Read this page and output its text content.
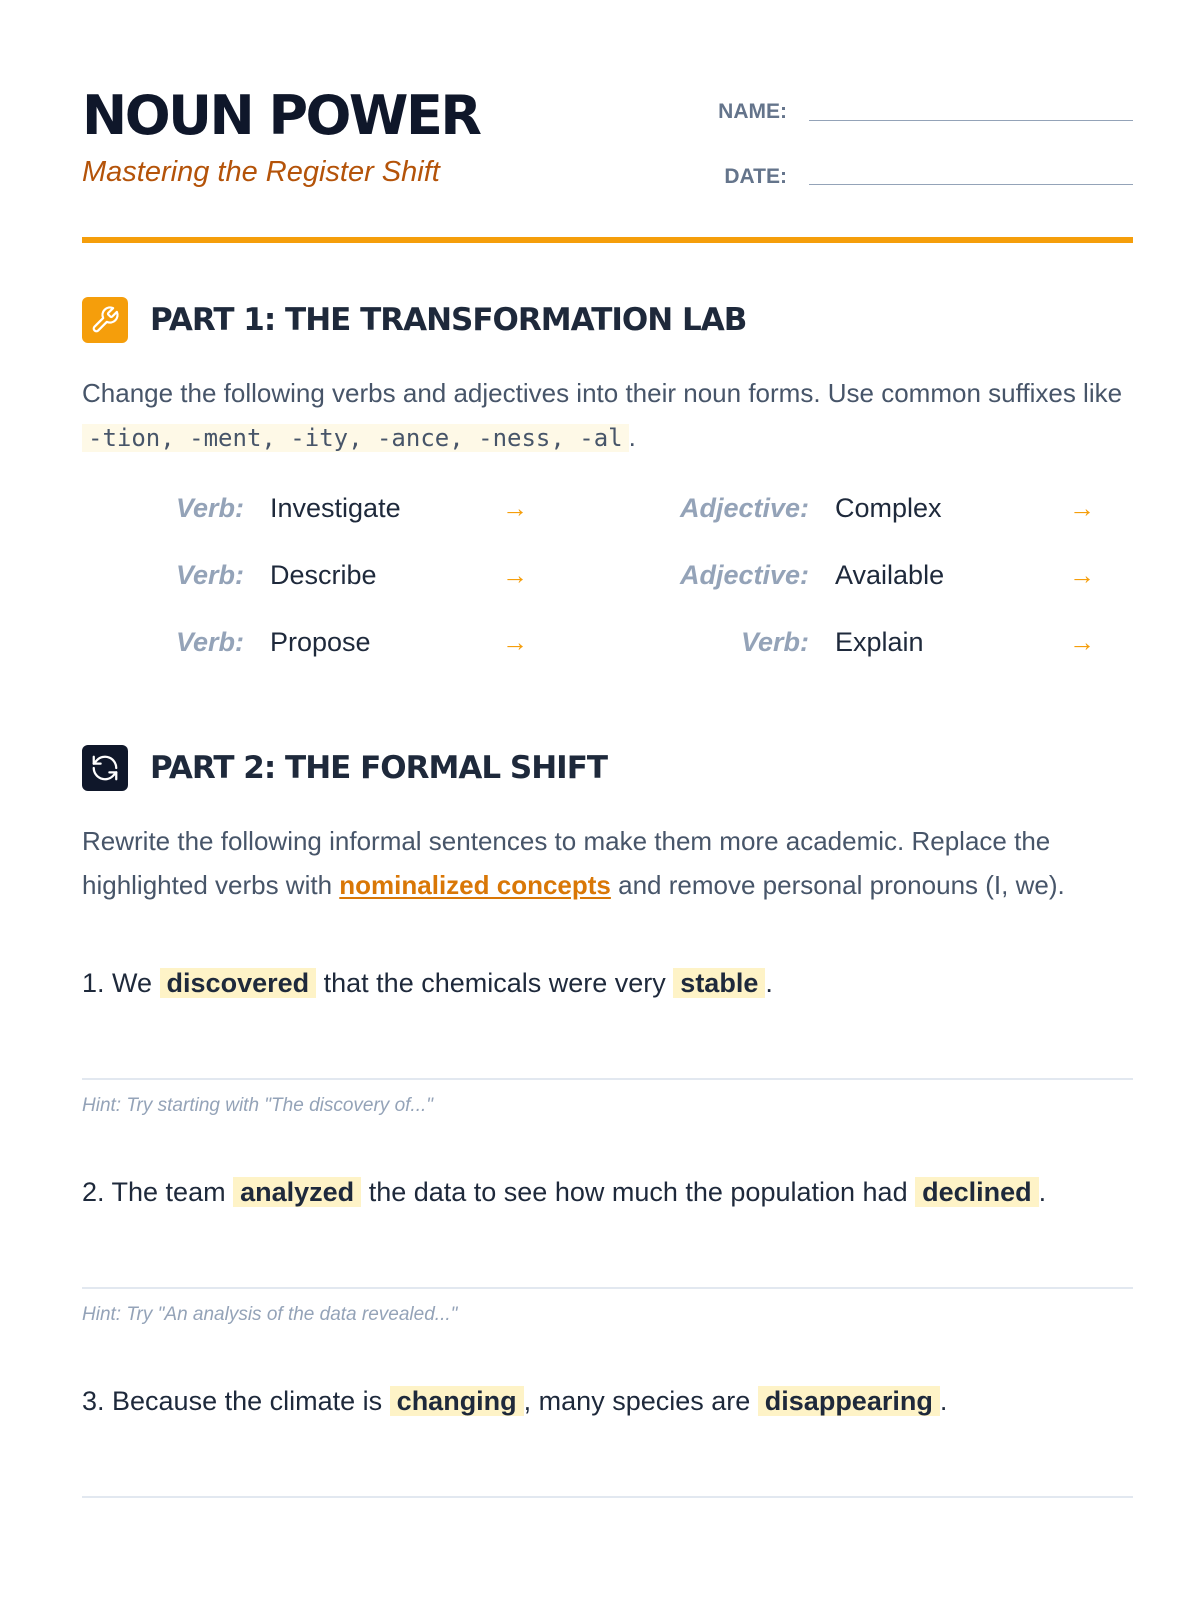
NOUN POWER
Mastering the Register Shift
NAME:
DATE:
PART 1: THE TRANSFORMATION LAB
Change the following verbs and adjectives into their noun forms. Use common suffixes like -tion, -ment, -ity, -ance, -ness, -al .
Verb: Investigate	→	Adjective: Complex	→
Verb: Describe	→	Adjective: Available	→
Verb: Propose	→	Verb: Explain	→
PART 2: THE FORMAL SHIFT
Rewrite the following informal sentences to make them more academic. Replace the highlighted verbs with nominalized concepts and remove personal pronouns (I, we).
1. We discovered that the chemicals were very stable .
Hint: Try starting with "The discovery of..."
2. The team analyzed the data to see how much the population had declined .
Hint: Try "An analysis of the data revealed..."
3. Because the climate is changing , many species are disappearing .
